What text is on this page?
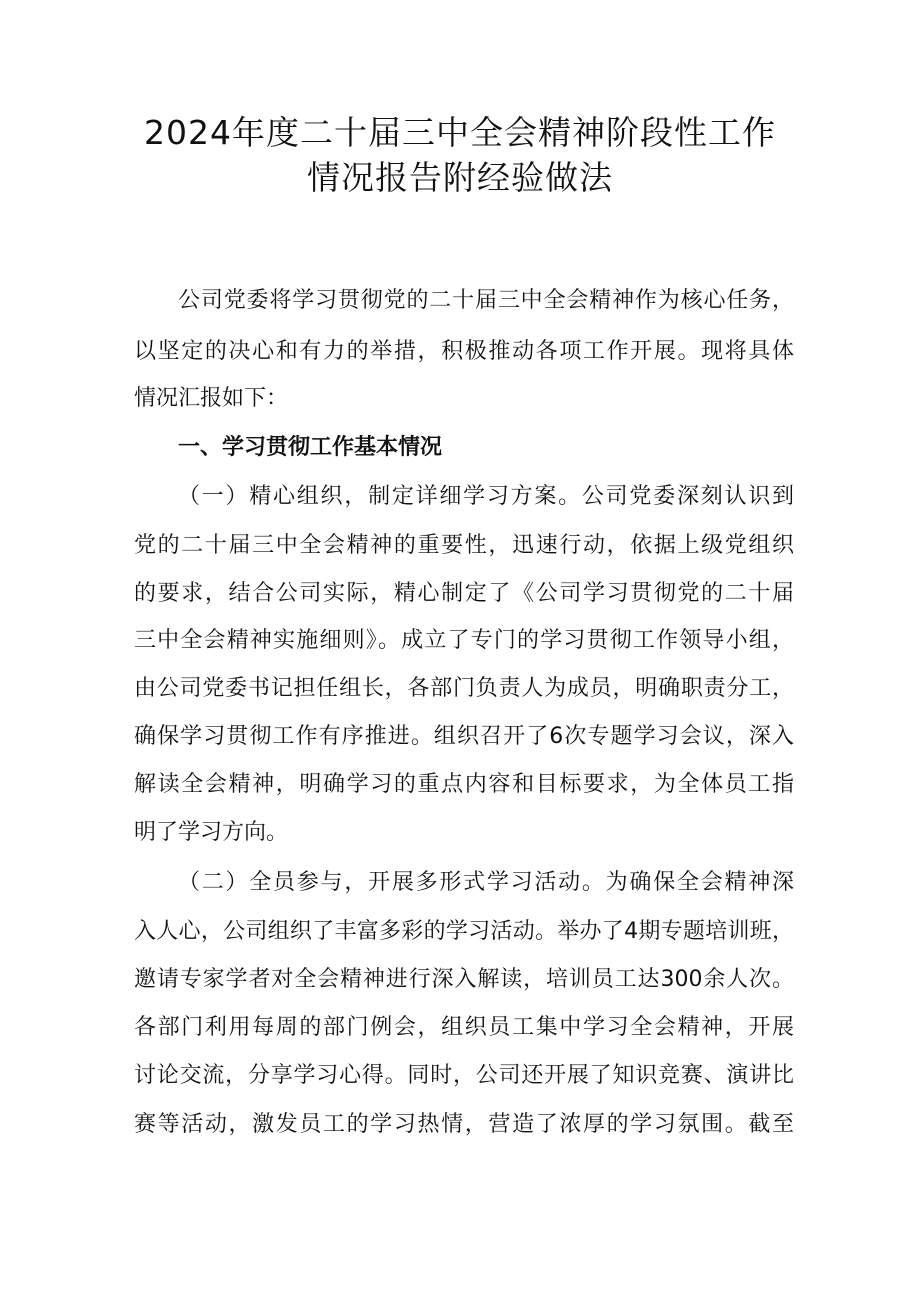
2024年度二十届三中全会精神阶段性工作
情况报告附经验做法
公司党委将学习贯彻党的二十届三中全会精神作为核心任务，
以坚定的决心和有力的举措，积极推动各项工作开展。现将具体
情况汇报如下：
一、学习贯彻工作基本情况
（一）精心组织，制定详细学习方案。公司党委深刻认识到
党的二十届三中全会精神的重要性，迅速行动，依据上级党组织
的要求，结合公司实际，精心制定了《公司学习贯彻党的二十届
三中全会精神实施细则》。成立了专门的学习贯彻工作领导小组，
由公司党委书记担任组长，各部门负责人为成员，明确职责分工，
确保学习贯彻工作有序推进。组织召开了6次专题学习会议，深入
解读全会精神，明确学习的重点内容和目标要求，为全体员工指
明了学习方向。
（二）全员参与，开展多形式学习活动。为确保全会精神深
入人心，公司组织了丰富多彩的学习活动。举办了4期专题培训班，
邀请专家学者对全会精神进行深入解读，培训员工达300余人次。
各部门利用每周的部门例会，组织员工集中学习全会精神，开展
讨论交流，分享学习心得。同时，公司还开展了知识竞赛、演讲比
赛等活动，激发员工的学习热情，营造了浓厚的学习氛围。截至
